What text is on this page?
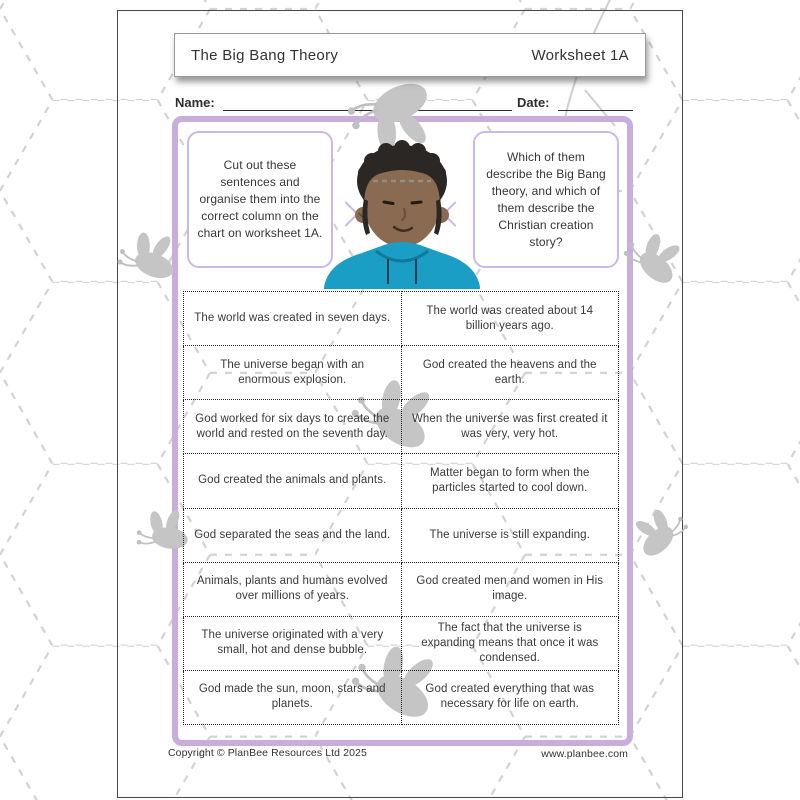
The Big Bang Theory	Worksheet 1A
Name:	Date:
Cut out these sentences and organise them into the correct column on the chart on worksheet 1A.
Which of them describe the Big Bang theory, and which of them describe the Christian creation story?
The world was created in seven days.	The world was created about 14 billion years ago.
The universe began with an enormous explosion.	God created the heavens and the earth.
God worked for six days to create the world and rested on the seventh day.	When the universe was first created it was very, very hot.
God created the animals and plants.	Matter began to form when the particles started to cool down.
God separated the seas and the land.	The universe is still expanding.
Animals, plants and humans evolved over millions of years.	God created men and women in His image.
The universe originated with a very small, hot and dense bubble.	The fact that the universe is expanding means that once it was condensed.
God made the sun, moon, stars and planets.	God created everything that was necessary for life on earth.
Copyright © PlanBee Resources Ltd 2025	www.planbee.com
